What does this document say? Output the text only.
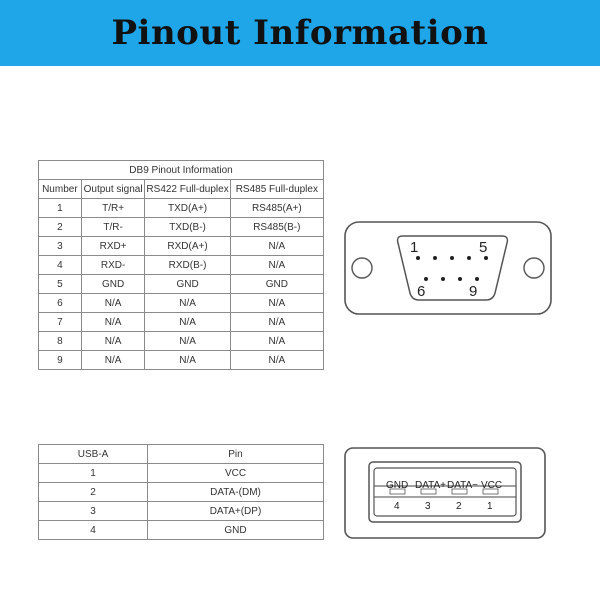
Pinout Information
DB9 Pinout Information			
Number	Output signal	RS422 Full-duplex	RS485 Full-duplex
1	T/R+	TXD(A+)	RS485(A+)
2	T/R-	TXD(B-)	RS485(B-)
3	RXD+	RXD(A+)	N/A
4	RXD-	RXD(B-)	N/A
5	GND	GND	GND
6	N/A	N/A	N/A
7	N/A	N/A	N/A
8	N/A	N/A	N/A
9	N/A	N/A	N/A
1	5
6	9
USB-A	Pin
1	VCC
2	DATA-(DM)
3	DATA+(DP)
4	GND
GND DATA+ DATA− VCC
4	3	2	1
